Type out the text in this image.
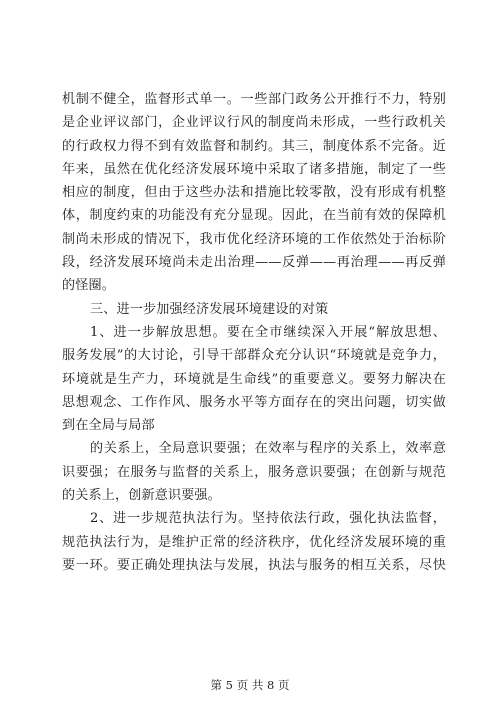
机制不健全，监督形式单一。一些部门政务公开推行不力，特别
是企业评议部门，企业评议行风的制度尚未形成，一些行政机关
的行政权力得不到有效监督和制约。其三，制度体系不完备。近
年来，虽然在优化经济发展环境中采取了诸多措施，制定了一些
相应的制度，但由于这些办法和措施比较零散，没有形成有机整
体，制度约束的功能没有充分显现。因此，在当前有效的保障机
制尚未形成的情况下，我市优化经济环境的工作依然处于治标阶
段，经济发展环境尚未走出治理——反弹——再治理——再反弹
的怪圈。
三、进一步加强经济发展环境建设的对策
1、进一步解放思想。要在全市继续深入开展“解放思想、
服务发展”的大讨论，引导干部群众充分认识“环境就是竞争力，
环境就是生产力，环境就是生命线”的重要意义。要努力解决在
思想观念、工作作风、服务水平等方面存在的突出问题，切实做
到在全局与局部
的关系上，全局意识要强；在效率与程序的关系上，效率意
识要强；在服务与监督的关系上，服务意识要强；在创新与规范
的关系上，创新意识要强。
2、进一步规范执法行为。坚持依法行政，强化执法监督，
规范执法行为，是维护正常的经济秩序，优化经济发展环境的重
要一环。要正确处理执法与发展，执法与服务的相互关系，尽快
第 5 页 共 8 页
